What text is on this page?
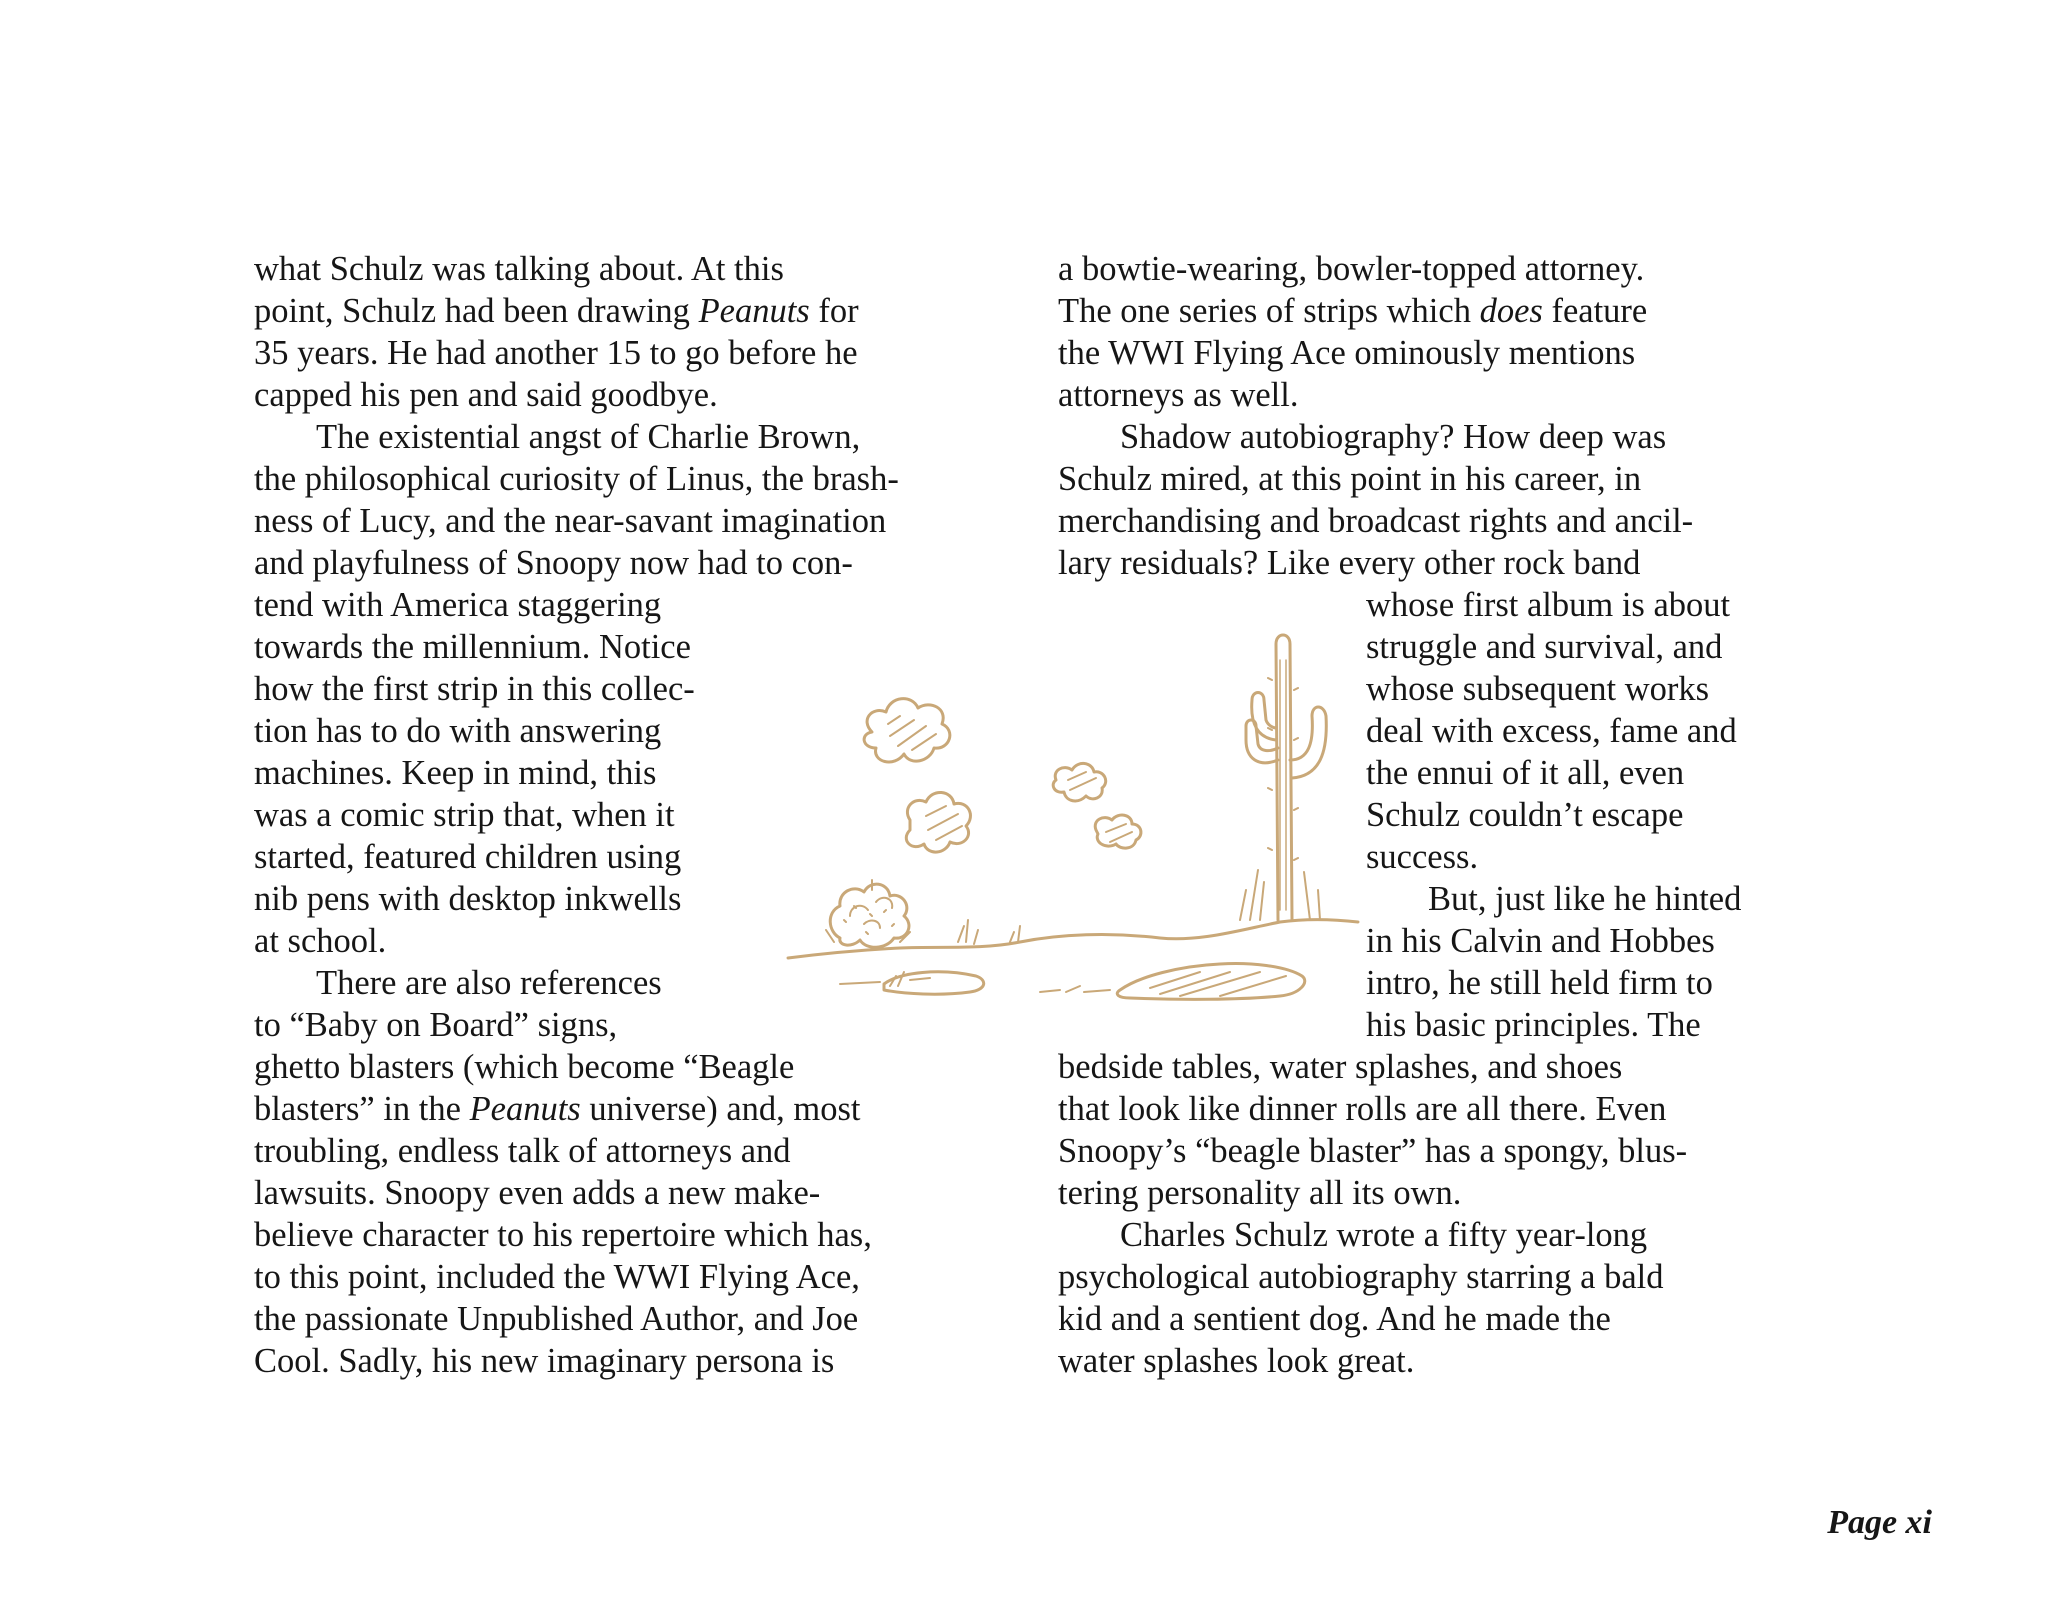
what Schulz was talking about. At this
point, Schulz had been drawing Peanuts for
35 years. He had another 15 to go before he
capped his pen and said goodbye.
The existential angst of Charlie Brown,
the philosophical curiosity of Linus, the brash-
ness of Lucy, and the near-savant imagination
and playfulness of Snoopy now had to con-
tend with America staggering
towards the millennium. Notice
how the first strip in this collec-
tion has to do with answering
machines. Keep in mind, this
was a comic strip that, when it
started, featured children using
nib pens with desktop inkwells
at school.
There are also references
to “Baby on Board” signs,
ghetto blasters (which become “Beagle
blasters” in the Peanuts universe) and, most
troubling, endless talk of attorneys and
lawsuits. Snoopy even adds a new make-
believe character to his repertoire which has,
to this point, included the WWI Flying Ace,
the passionate Unpublished Author, and Joe
Cool. Sadly, his new imaginary persona is
a bowtie-wearing, bowler-topped attorney.
The one series of strips which does feature
the WWI Flying Ace ominously mentions
attorneys as well.
Shadow autobiography? How deep was
Schulz mired, at this point in his career, in
merchandising and broadcast rights and ancil-
lary residuals? Like every other rock band
whose first album is about
struggle and survival, and
whose subsequent works
deal with excess, fame and
the ennui of it all, even
Schulz couldn’t escape
success.
But, just like he hinted
in his Calvin and Hobbes
intro, he still held firm to
his basic principles. The
bedside tables, water splashes, and shoes
that look like dinner rolls are all there. Even
Snoopy’s “beagle blaster” has a spongy, blus-
tering personality all its own.
Charles Schulz wrote a fifty year-long
psychological autobiography starring a bald
kid and a sentient dog. And he made the
water splashes look great.
Page xi
